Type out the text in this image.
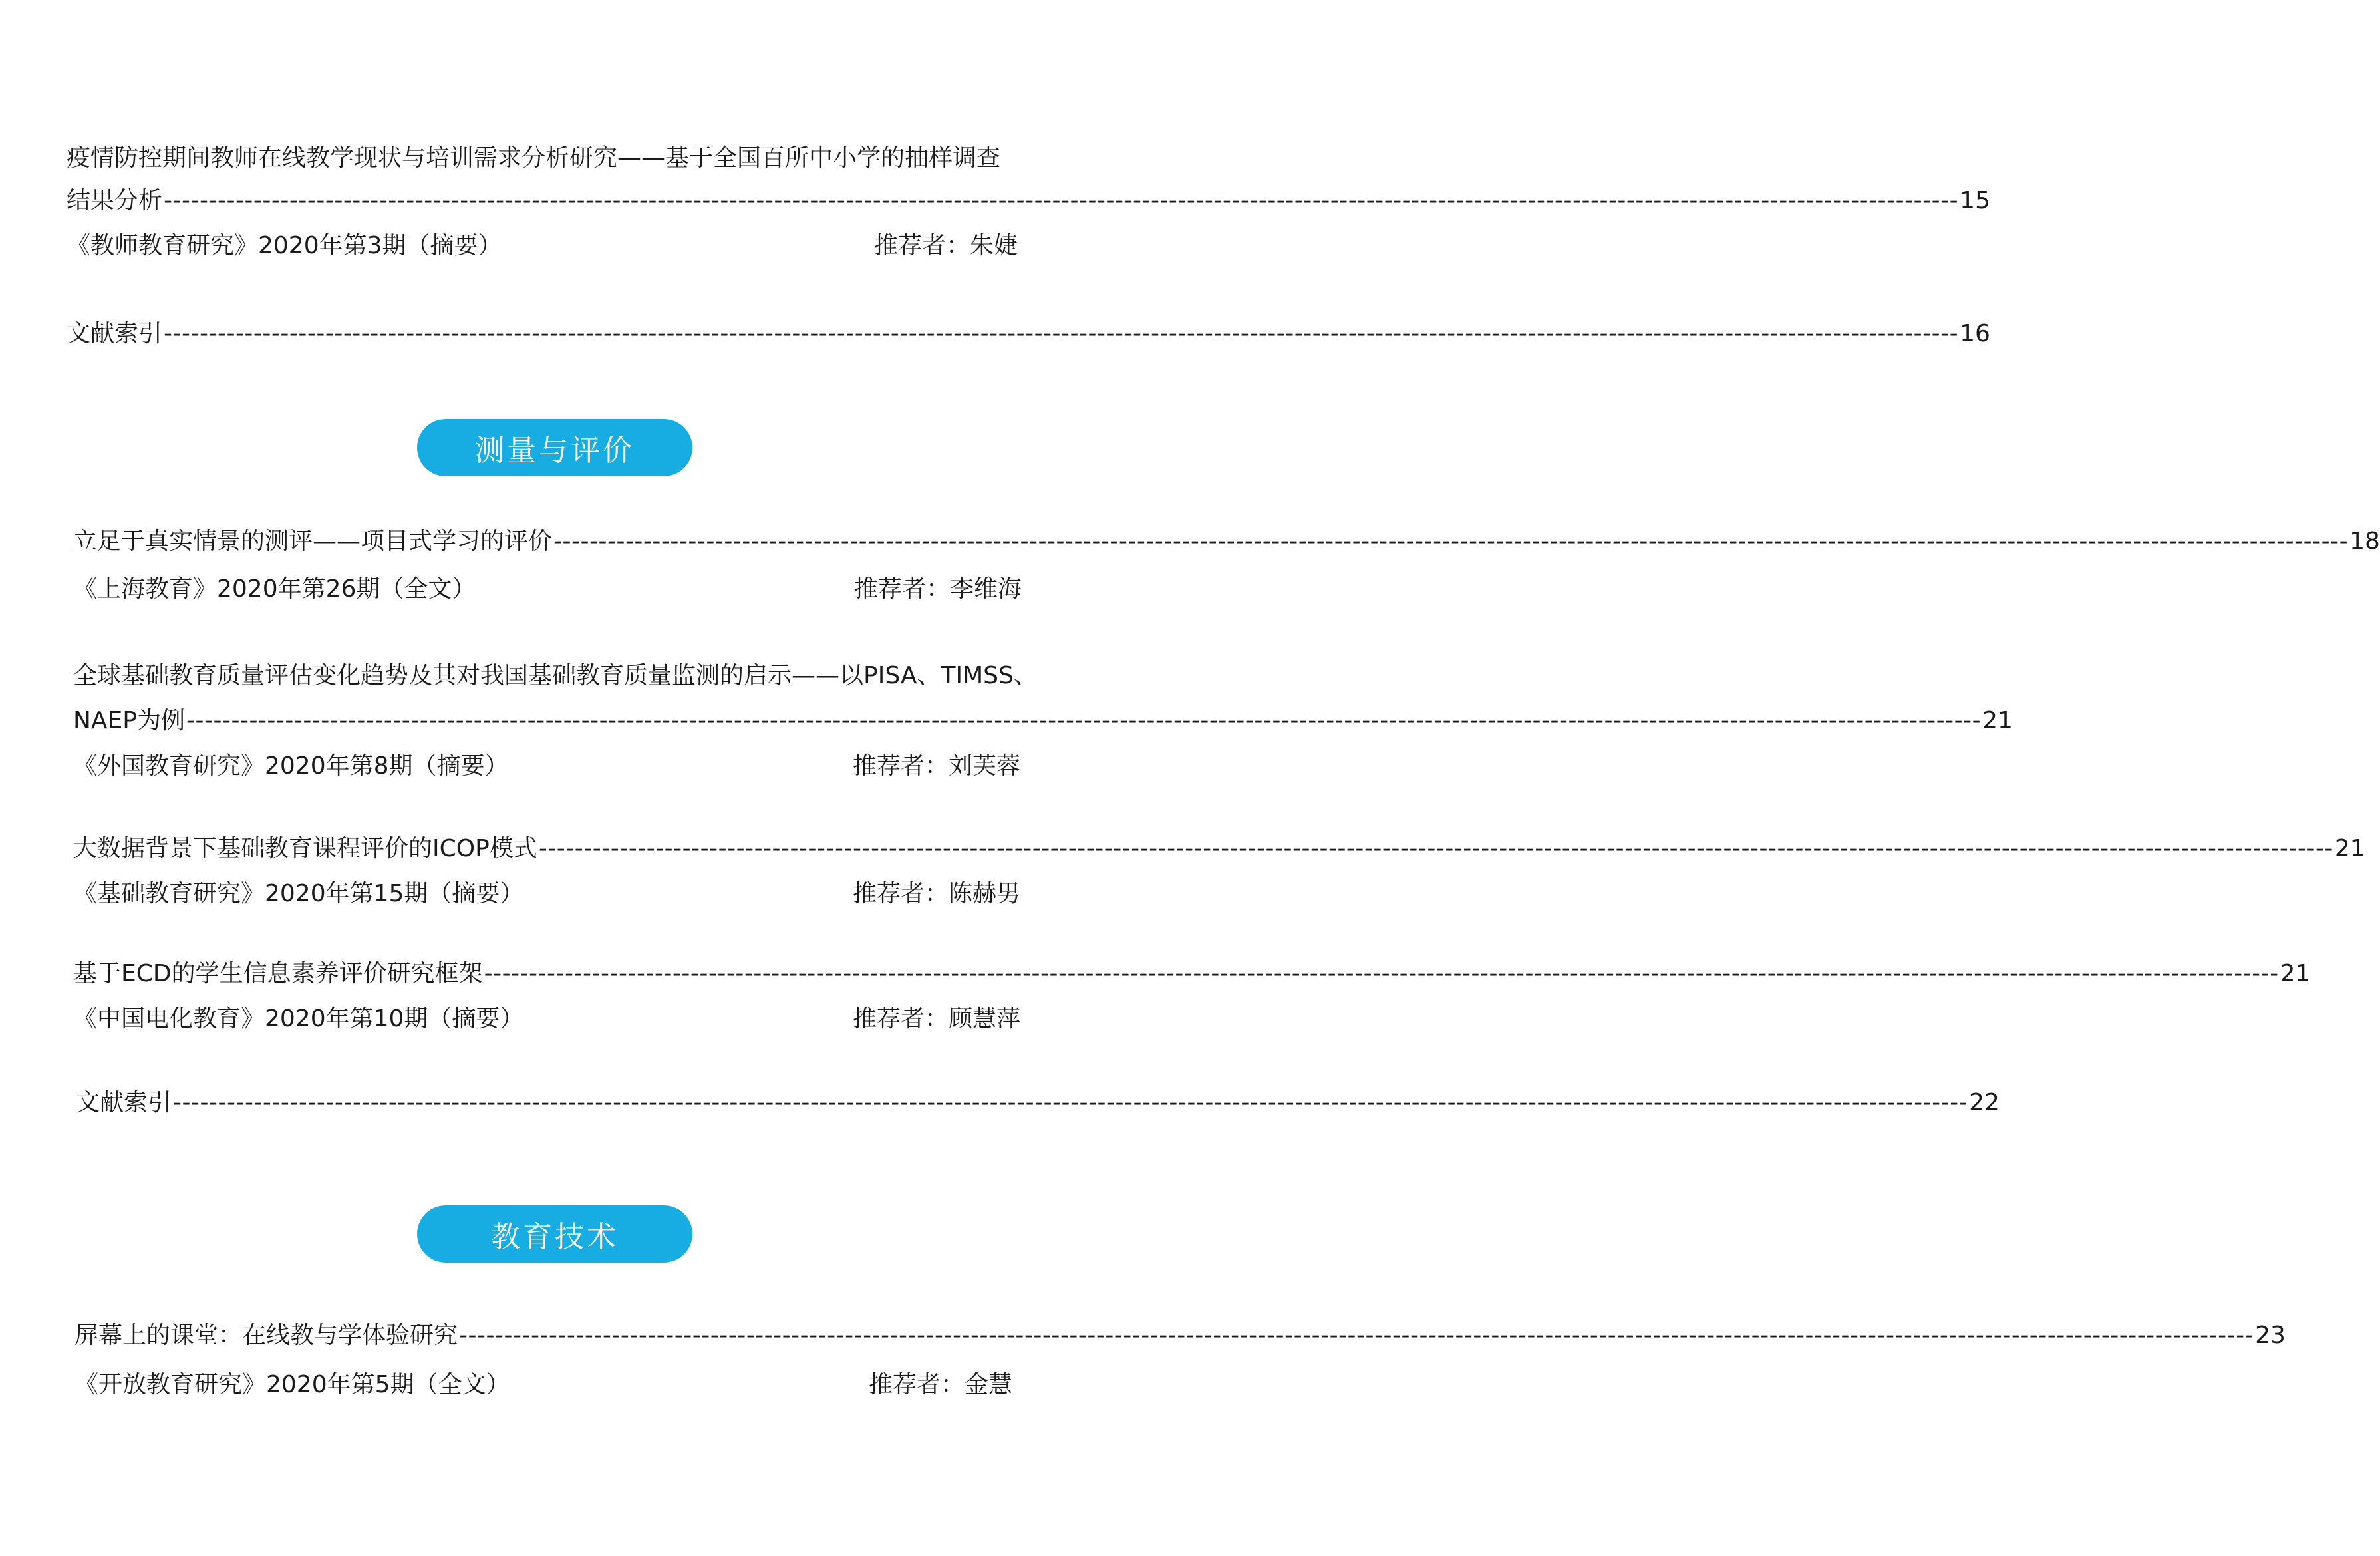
疫情防控期间教师在线教学现状与培训需求分析研究——基于全国百所中小学的抽样调查
结果分析 -------------------------------------------------------------------------------------------------------------------------------------------------------------------------------------------------------- 15
《教师教育研究》2020年第3期（摘要）	推荐者：朱婕
文献索引 -------------------------------------------------------------------------------------------------------------------------------------------------------------------------------------------------------- 16
测量与评价
立足于真实情景的测评——项目式学习的评价 -------------------------------------------------------------------------------------------------------------------------------------------------------------------------------------------------------- 18
《上海教育》2020年第26期（全文）	推荐者：李维海
全球基础教育质量评估变化趋势及其对我国基础教育质量监测的启示——以PISA、TIMSS、
NAEP为例 -------------------------------------------------------------------------------------------------------------------------------------------------------------------------------------------------------- 21
《外国教育研究》2020年第8期（摘要）	推荐者：刘芙蓉
大数据背景下基础教育课程评价的ICOP模式 -------------------------------------------------------------------------------------------------------------------------------------------------------------------------------------------------------- 21
《基础教育研究》2020年第15期（摘要）	推荐者：陈赫男
基于ECD的学生信息素养评价研究框架 -------------------------------------------------------------------------------------------------------------------------------------------------------------------------------------------------------- 21
《中国电化教育》2020年第10期（摘要）	推荐者：顾慧萍
文献索引 -------------------------------------------------------------------------------------------------------------------------------------------------------------------------------------------------------- 22
教育技术
屏幕上的课堂：在线教与学体验研究 -------------------------------------------------------------------------------------------------------------------------------------------------------------------------------------------------------- 23
《开放教育研究》2020年第5期（全文）	推荐者：金慧
